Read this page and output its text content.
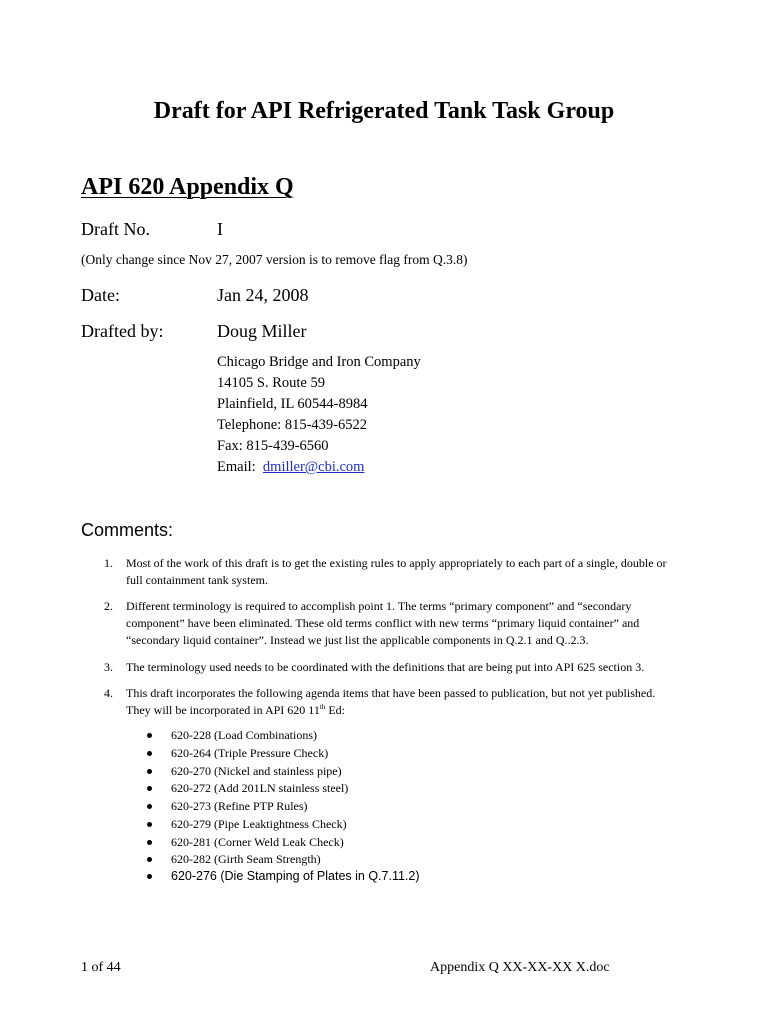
Draft for API Refrigerated Tank Task Group
API 620 Appendix Q
Draft No.	I
(Only change since Nov 27, 2007 version is to remove flag from Q.3.8)
Date:	Jan 24, 2008
Drafted by:	Doug Miller
Chicago Bridge and Iron Company
14105 S. Route 59
Plainfield, IL 60544-8984
Telephone: 815-439-6522
Fax: 815-439-6560
Email:  dmiller@cbi.com
Comments:
1. Most of the work of this draft is to get the existing rules to apply appropriately to each part of a single, double or
full containment tank system.
2. Different terminology is required to accomplish point 1. The terms “primary component” and “secondary
component” have been eliminated. These old terms conflict with new terms “primary liquid container” and
“secondary liquid container”. Instead we just list the applicable components in Q.2.1 and Q..2.3.
3. The terminology used needs to be coordinated with the definitions that are being put into API 625 section 3.
4. This draft incorporates the following agenda items that have been passed to publication, but not yet published.
They will be incorporated in API 620 11th Ed:
620-228 (Load Combinations)
620-264 (Triple Pressure Check)
620-270 (Nickel and stainless pipe)
620-272 (Add 201LN stainless steel)
620-273 (Refine PTP Rules)
620-279 (Pipe Leaktightness Check)
620-281 (Corner Weld Leak Check)
620-282 (Girth Seam Strength)
620-276 (Die Stamping of Plates in Q.7.11.2)
1 of 44	Appendix Q XX-XX-XX X.doc
